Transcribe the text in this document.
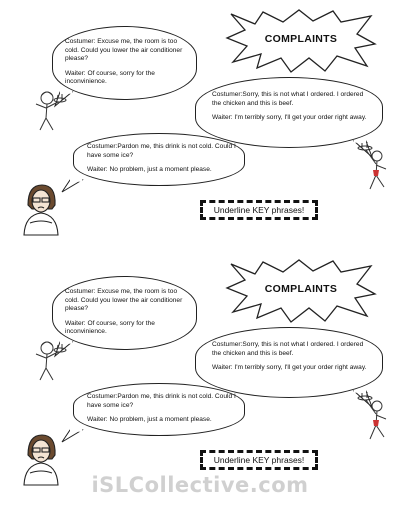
COMPLAINTS

Costumer: Excuse me, the room is too cold. Could you lower the air conditioner please?

Waiter: Of course, sorry for the inconvinience.

Costumer:Sorry, this is not what I ordered. I ordered the chicken and this is beef.

Waiter: I'm terribly sorry, I'll get your order right away.

Costumer:Pardon me, this drink is not cold. Could I have some ice?

Waiter: No problem, just a moment please.

Underline KEY phrases!
COMPLAINTS

Costumer: Excuse me, the room is too cold. Could you lower the air conditioner please?

Waiter: Of course, sorry for the inconvinience.

Costumer:Sorry, this is not what I ordered. I ordered the chicken and this is beef.

Waiter: I'm terribly sorry, I'll get your order right away.

Costumer:Pardon me, this drink is not cold. Could I have some ice?

Waiter: No problem, just a moment please.

Underline KEY phrases!
iSLCollective.com
